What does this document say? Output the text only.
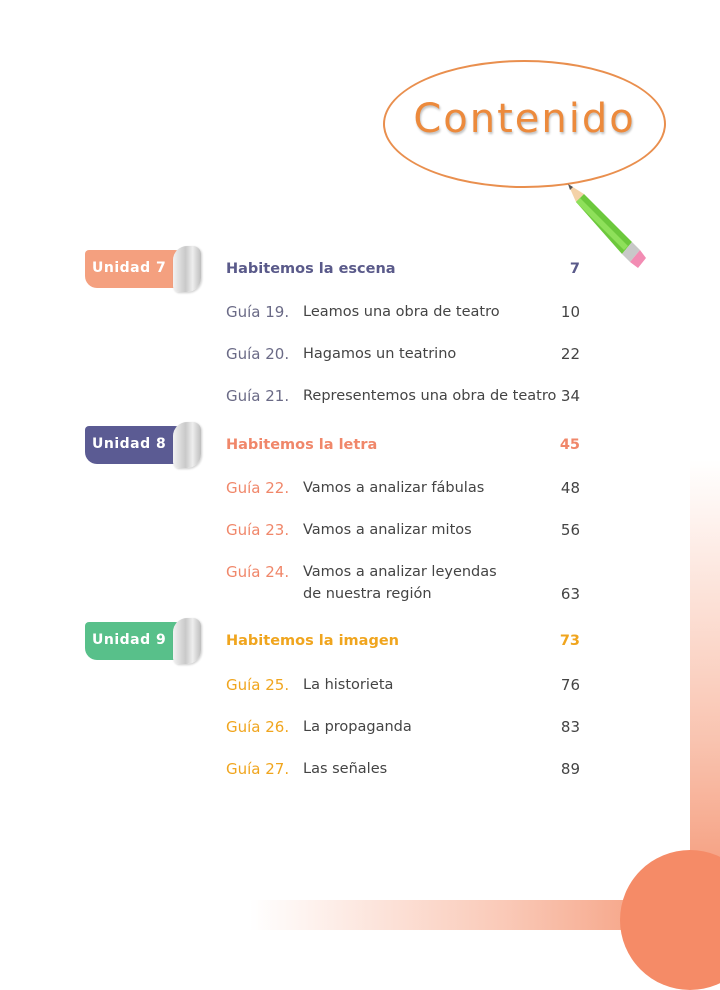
Contenido
Unidad 7	Habitemos la escena	7
Guía 19. Leamos una obra de teatro	10
Guía 20. Hagamos un teatrino	22
Guía 21. Representemos una obra de teatro 34
Unidad 8	Habitemos la letra	45
Guía 22. Vamos a analizar fábulas	48
Guía 23. Vamos a analizar mitos	56
Guía 24. Vamos a analizar leyendas
de nuestra región	63
Unidad 9	Habitemos la imagen	73
Guía 25. La historieta	76
Guía 26. La propaganda	83
Guía 27. Las señales	89
